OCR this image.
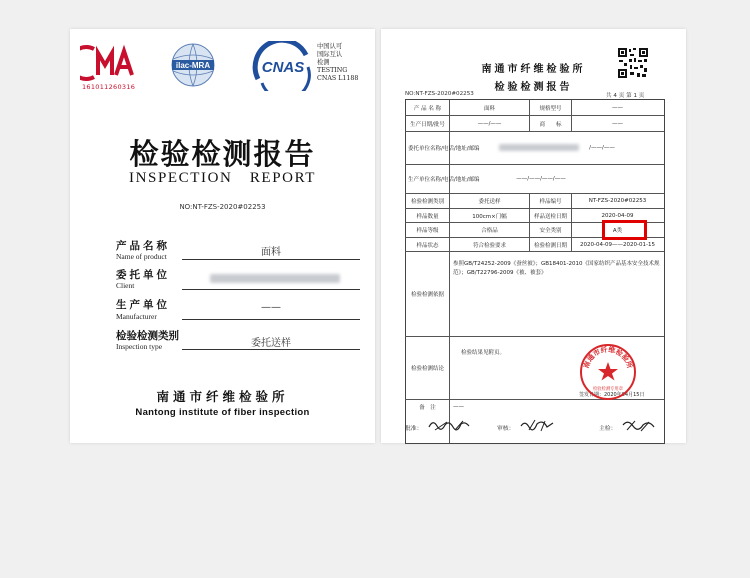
161011260316
ilac-MRA	CNAS
中国认可
国际互认
检测
TESTING
CNAS L1188
检验检测报告
INSPECTION REPORT
NO:NT-FZS-2020#02253
产品名称
Name of product	面料
委托单位
Client
生产单位
Manufacturer
——
检验检测类别
Inspection type	委托送样
南通市纤维检验所
Nantong institute of fiber inspection
南通市纤维检验所
检验检测报告
NO:NT-FZS-2020#02253	共 4 页 第 1 页
产 品 名 称	面料	规格型号	——
生产日期/批号	——/——	商　　标	——
委托单位名称/电话/地址/邮编	/——/——
生产单位名称/电话/地址/邮编	——/——/——/——
检验检测类别	委托送样	样品编号	NT-FZS-2020#02253
样品数量	100cm×门幅	样品送检日期	2020-04-09
样品等级	合格品	安全类别	A类
样品状态	符合检验要求	检验检测日期	2020-04-09——2020-01-15
检验检测依据
参照GB/T24252-2009《蚕丝被》；GB18401-2010《国家纺织产品基本安全技术规
范》；GB/T22796-2009《被、被套》
检验检测结论
检验结果见附页。
签发日期：2020年04月15日
备　注	——
南通市纤维检验所
检验检测专用章
批准：	审核：	主检：
